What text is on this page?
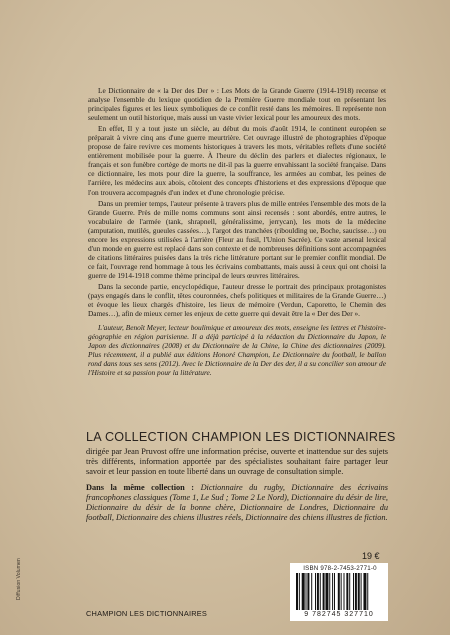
Le Dictionnaire de « la Der des Der » : Les Mots de la Grande Guerre (1914-1918) recense et analyse l'ensemble du lexique quotidien de la Première Guerre mondiale tout en présentant les principales figures et les lieux symboliques de ce conflit resté dans les mémoires. Il représente non seulement un outil historique, mais aussi un vaste vivier lexical pour les amoureux des mots.

En effet, Il y a tout juste un siècle, au début du mois d'août 1914, le continent européen se préparait à vivre cinq ans d'une guerre meurtrière. Cet ouvrage illustré de photographies d'époque propose de faire revivre ces moments historiques à travers les mots, véritables reflets d'une société entièrement mobilisée pour la guerre. À l'heure du déclin des parlers et dialectes régionaux, le français et son funèbre cortège de morts ne dit-il pas la guerre envahissant la société française. Dans ce dictionnaire, les mots pour dire la guerre, la souffrance, les armées au combat, les peines de l'arrière, les médecins aux abois, côtoient des concepts d'historiens et des expressions d'époque que l'on trouvera accompagnés d'un index et d'une chronologie précise.

Dans un premier temps, l'auteur présente à travers plus de mille entrées l'ensemble des mots de la Grande Guerre. Près de mille noms communs sont ainsi recensés : sont abordés, entre autres, le vocabulaire de l'armée (tank, shrapnell, généralissime, jerrycan), les mots de la médecine (amputation, mutilés, gueules cassées…), l'argot des tranchées (riboulding ue, Boche, saucisse…) ou encore les expressions utilisées à l'arrière (Fleur au fusil, l'Union Sacrée). Ce vaste arsenal lexical d'un monde en guerre est replacé dans son contexte et de nombreuses définitions sont accompagnées de citations littéraires puisées dans la très riche littérature portant sur le premier conflit mondial. De ce fait, l'ouvrage rend hommage à tous les écrivains combattants, mais aussi à ceux qui ont choisi la guerre de 1914-1918 comme thème principal de leurs œuvres littéraires.

Dans la seconde partie, encyclopédique, l'auteur dresse le portrait des principaux protagonistes (pays engagés dans le conflit, têtes couronnées, chefs politiques et militaires de la Grande Guerre…) et évoque les lieux chargés d'histoire, les lieux de mémoire (Verdun, Caporetto, le Chemin des Dames…), afin de mieux cerner les enjeux de cette guerre qui devait être la « Der des Der ».

L'auteur, Benoît Meyer, lecteur boulimique et amoureux des mots, enseigne les lettres et l'histoire-géographie en région parisienne. Il a déjà participé à la rédaction du Dictionnaire du Japon, le Japon des dictionnaires (2008) et du Dictionnaire de la Chine, la Chine des dictionnaires (2009). Plus récemment, il a publié aux éditions Honoré Champion, Le Dictionnaire du football, le ballon rond dans tous ses sens (2012). Avec le Dictionnaire de la Der des der, il a su concilier son amour de l'Histoire et sa passion pour la littérature.

LA COLLECTION CHAMPION LES DICTIONNAIRES

dirigée par Jean Pruvost offre une information précise, ouverte et inattendue sur des sujets très différents, information apportée par des spécialistes souhaitant faire partager leur savoir et leur passion en toute liberté dans un ouvrage de consultation simple.

Dans la même collection : Dictionnaire du rugby, Dictionnaire des écrivains francophones classiques (Tome 1, Le Sud ; Tome 2 Le Nord), Dictionnaire du désir de lire, Dictionnaire du désir de la bonne chère, Dictionnaire de Londres, Dictionnaire du football, Dictionnaire des chiens illustres réels, Dictionnaire des chiens illustres de fiction.

19 €
ISBN 978-2-7453-2771-0
9 782745 327710
CHAMPION LES DICTIONNAIRES
Diffusion Volumen
